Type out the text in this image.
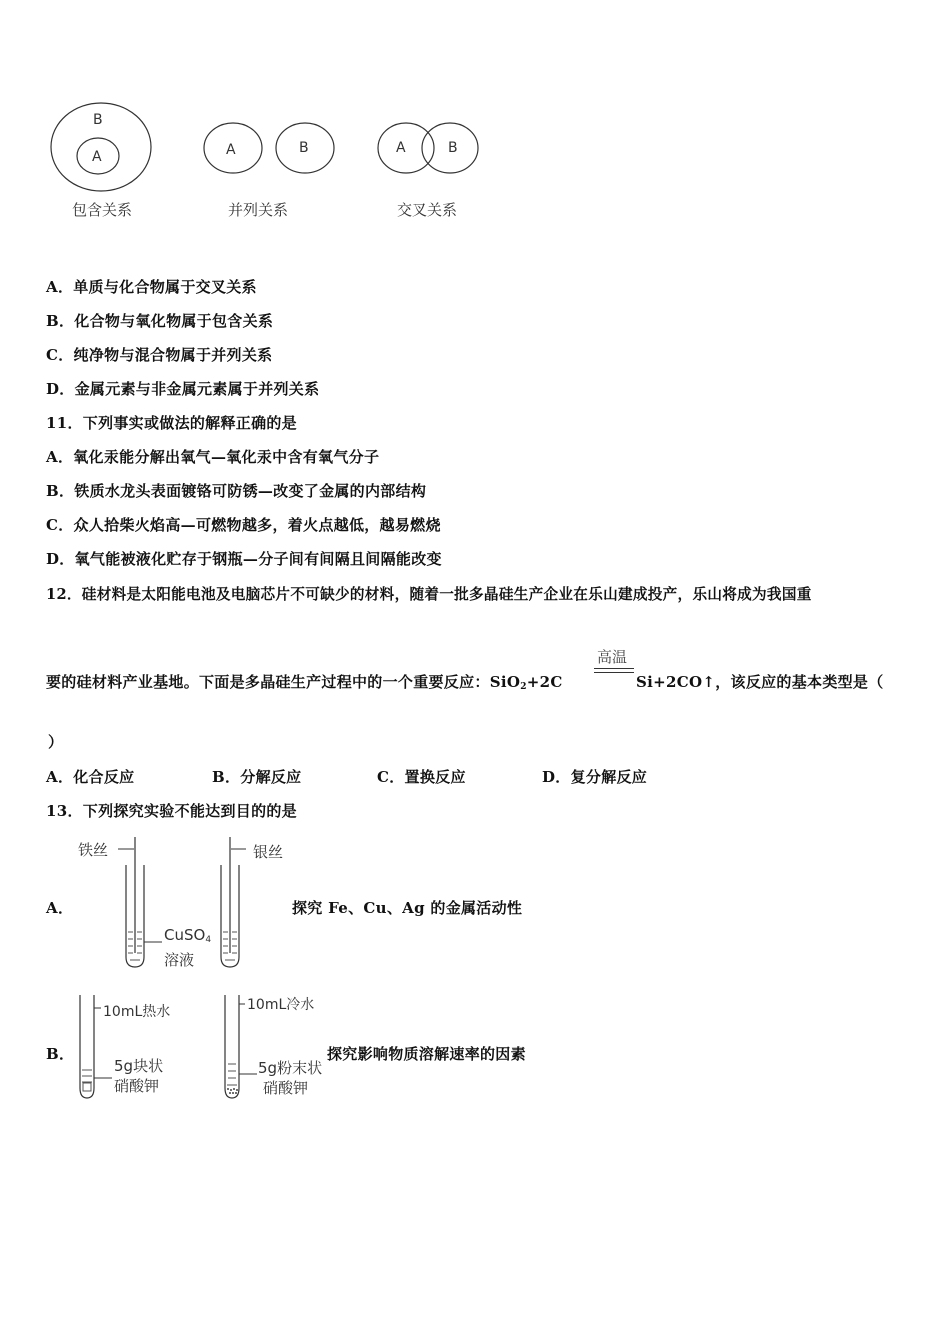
B
A	A	B	A	B
包含关系	并列关系	交叉关系
A．单质与化合物属于交叉关系
B．化合物与氧化物属于包含关系
C．纯净物与混合物属于并列关系
D．金属元素与非金属元素属于并列关系
11．下列事实或做法的解释正确的是
A．氧化汞能分解出氧气—氧化汞中含有氧气分子
B．铁质水龙头表面镀铬可防锈—改变了金属的内部结构
C．众人拾柴火焰高—可燃物越多，着火点越低，越易燃烧
D．氧气能被液化贮存于钢瓶—分子间有间隔且间隔能改变
12．硅材料是太阳能电池及电脑芯片不可缺少的材料，随着一批多晶硅生产企业在乐山建成投产，乐山将成为我国重
要的硅材料产业基地。下面是多晶硅生产过程中的一个重要反应：SiO$_2$+2C
高温
Si+2CO↑，该反应的基本类型是（
）
A．化合反应	B．分解反应	C．置换反应	D．复分解反应
13．下列探究实验不能达到目的的是
A．
铁丝	银丝
CuSO$_4$
溶液
探究 Fe、Cu、Ag 的金属活动性
B．
10mL热水	10mL冷水
5g块状
硝酸钾
5g粉末状
硝酸钾
探究影响物质溶解速率的因素
